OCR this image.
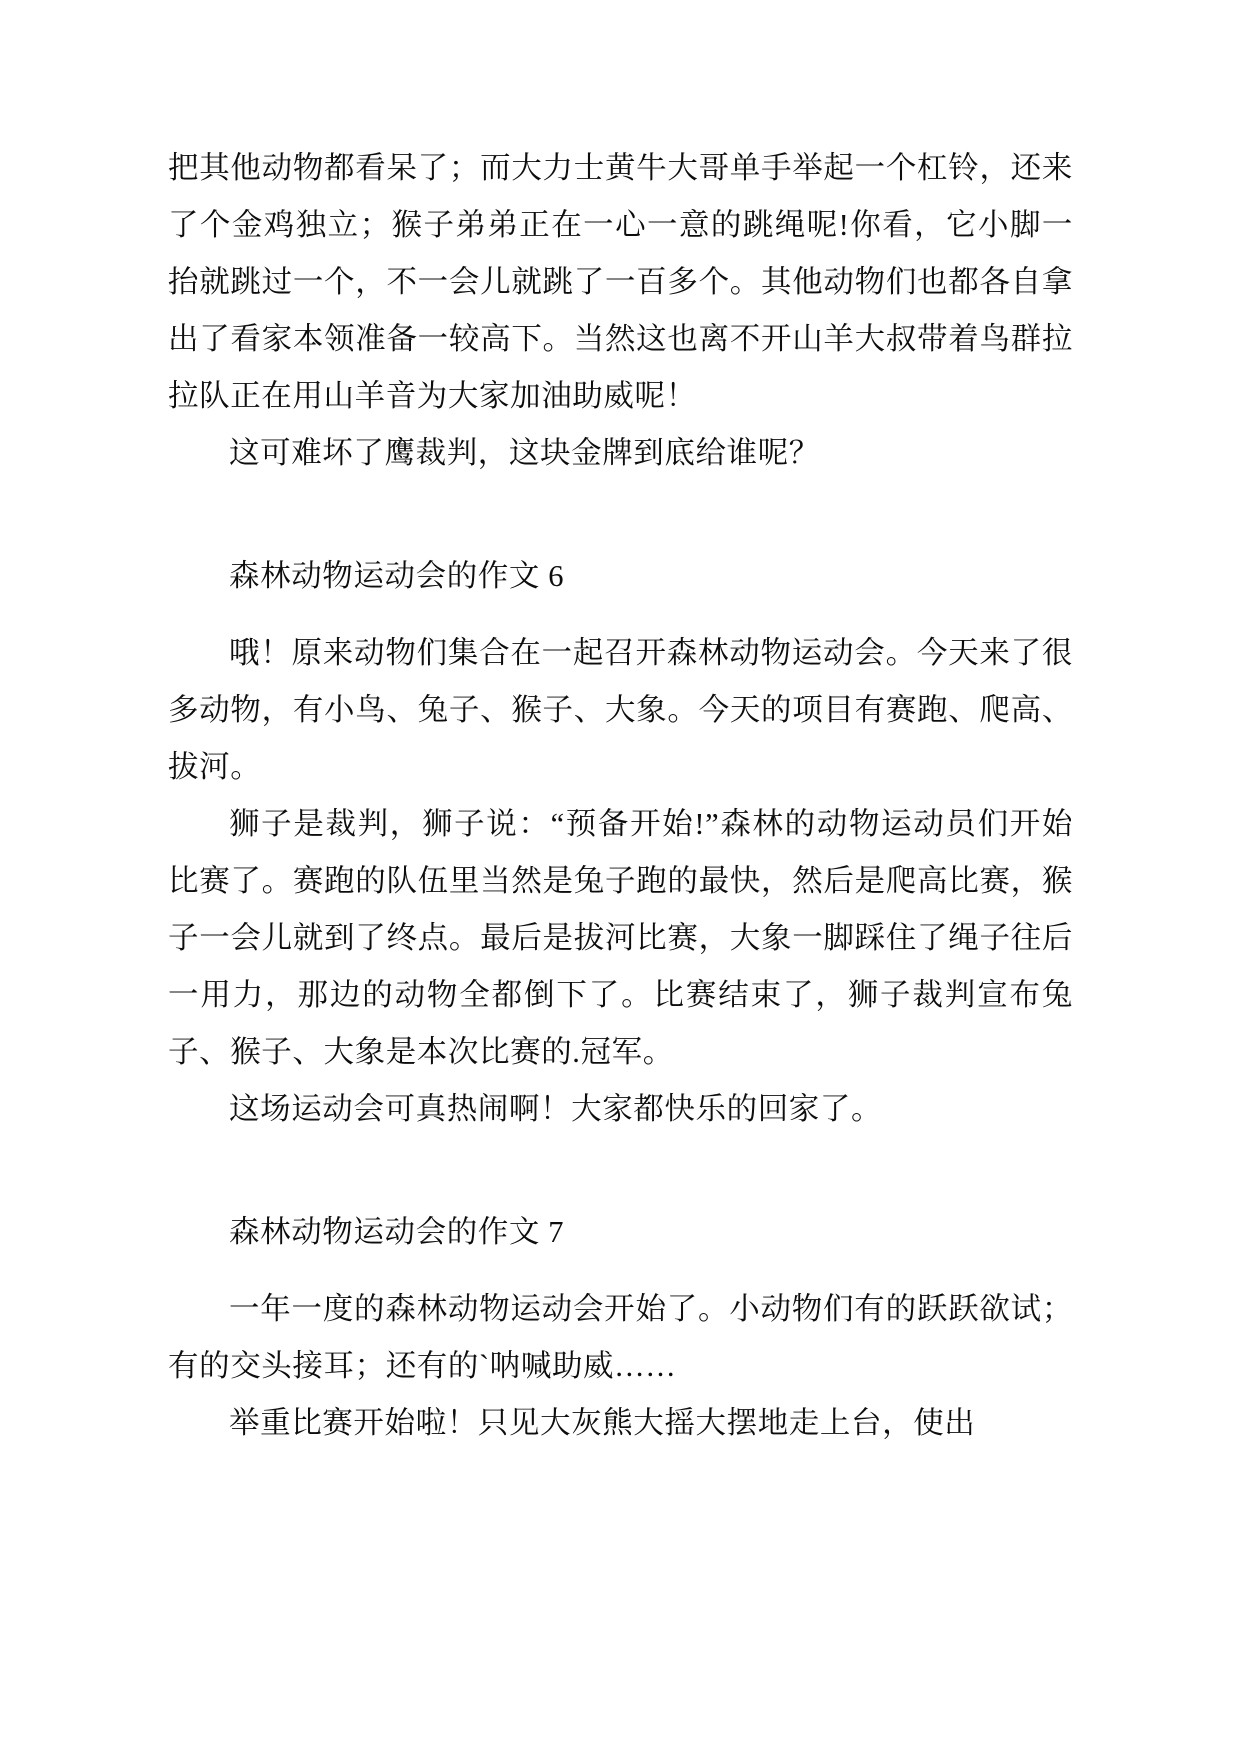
把其他动物都看呆了；而大力士黄牛大哥单手举起一个杠铃，还来了个金鸡独立；猴子弟弟正在一心一意的跳绳呢!你看，它小脚一抬就跳过一个，不一会儿就跳了一百多个。其他动物们也都各自拿出了看家本领准备一较高下。当然这也离不开山羊大叔带着鸟群拉拉队正在用山羊音为大家加油助威呢！

这可难坏了鹰裁判，这块金牌到底给谁呢？

森林动物运动会的作文 6

哦！原来动物们集合在一起召开森林动物运动会。今天来了很多动物，有小鸟、兔子、猴子、大象。今天的项目有赛跑、爬高、拔河。

狮子是裁判，狮子说：“预备开始!”森林的动物运动员们开始比赛了。赛跑的队伍里当然是兔子跑的最快，然后是爬高比赛，猴子一会儿就到了终点。最后是拔河比赛，大象一脚踩住了绳子往后一用力，那边的动物全都倒下了。比赛结束了，狮子裁判宣布兔子、猴子、大象是本次比赛的.冠军。

这场运动会可真热闹啊！大家都快乐的回家了。

森林动物运动会的作文 7

一年一度的森林动物运动会开始了。小动物们有的跃跃欲试；有的交头接耳；还有的`呐喊助威……

举重比赛开始啦！只见大灰熊大摇大摆地走上台，使出
